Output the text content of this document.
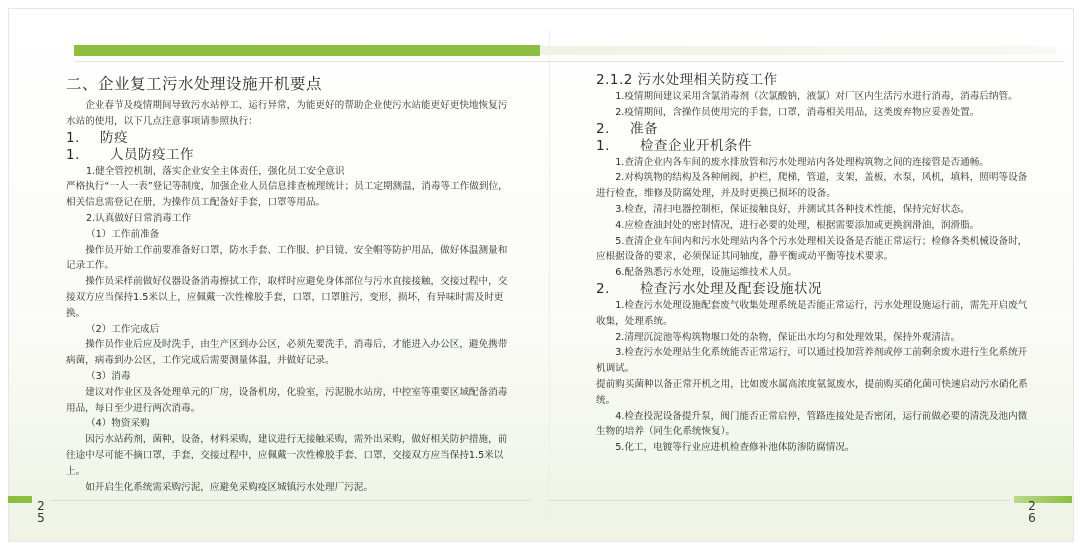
二、企业复工污水处理设施开机要点

企业春节及疫情期间导致污水站停工、运行异常，为能更好的帮助企业使污水站能更好更快地恢复污水站的使用，以下几点注意事项请参照执行：

1. 防疫
1. 人员防疫工作

1.健全管控机制，落实企业安全主体责任，强化员工安全意识

严格执行“一人一表”登记等制度，加强企业人员信息排查梳理统计；员工定期测温，消毒等工作做到位，相关信息需登记在册，为操作员工配备好手套，口罩等用品。

2.认真做好日常消毒工作

（1）工作前准备

操作员开始工作前要准备好口罩，防水手套、工作服、护目镜、安全帽等防护用品，做好体温测量和记录工作。

操作员采样前做好仪器设备消毒擦拭工作，取样时应避免身体部位与污水直接接触，交接过程中，交接双方应当保持1.5米以上，应佩戴一次性橡胶手套，口罩，口罩脏污，变形，损坏，有异味时需及时更换。

（2）工作完成后

操作员作业后应及时洗手，由生产区到办公区，必须先要洗手，消毒后，才能进入办公区，避免携带病菌，病毒到办公区，工作完成后需要测量体温，并做好记录。

（3）消毒

建议对作业区及各处理单元的厂房，设备机房，化验室，污泥脱水站房，中控室等重要区域配备消毒用品，每日至少进行两次消毒。

（4）物资采购

因污水站药剂，菌种，设备，材料采购，建议进行无接触采购，需外出采购，做好相关防护措施，前往途中尽可能不摘口罩，手套，交接过程中，应佩戴一次性橡胶手套、口罩，交接双方应当保持1.5米以上。

如开启生化系统需采购污泥，应避免采购疫区城镇污水处理厂污泥。

2.1.2 污水处理相关防疫工作

1.疫情期间建议采用含氯消毒剂（次氯酸钠，液氯）对厂区内生活污水进行消毒，消毒后纳管。

2.疫情期间，含操作员使用完的手套，口罩，消毒相关用品，这类废弃物应妥善处置。

2. 准备
1. 检查企业开机条件

1.查清企业内各车间的废水排放管和污水处理站内各处理构筑物之间的连接管是否通畅。

2.对构筑物的结构及各种闸阀，护栏，爬梯，管道，支架，盖板，水泵，风机，填料，照明等设备进行检查，维修及防腐处理，并及时更换已损坏的设备。

3.检查，清扫电器控制柜，保证接触良好，并测试其各种技术性能，保持完好状态。

4.应检查油封处的密封情况，进行必要的处理，根据需要添加或更换润滑油，润滑脂。

5.查清企业车间内和污水处理站内各个污水处理相关设备是否能正常运行；检修各类机械设备时，应根据设备的要求，必须保证其同轴度，静平衡或动平衡等技术要求。

6.配备熟悉污水处理，设施运维技术人员。

2. 检查污水处理及配套设施状况

1.检查污水处理设施配套废气收集处理系统是否能正常运行，污水处理设施运行前，需先开启废气收集，处理系统。

2.清理沉淀池等构筑物堰口处的杂物，保证出水均匀和处理效果，保持外观清洁。

3.检查污水处理站生化系统能否正常运行，可以通过投加营养剂或停工前剩余废水进行生化系统开机调试。

提前购买菌种以备正常开机之用，比如废水属高浓度氨氮废水，提前购买硝化菌可快速启动污水硝化系统。

4.检查投泥设备提升泵，阀门能否正常启停，管路连接处是否密闭，运行前做必要的清洗及池内微生物的培养（同生化系统恢复）。

5.化工，电镀等行业应进机检查修补池体防渗防腐情况。

2
5
2
6
